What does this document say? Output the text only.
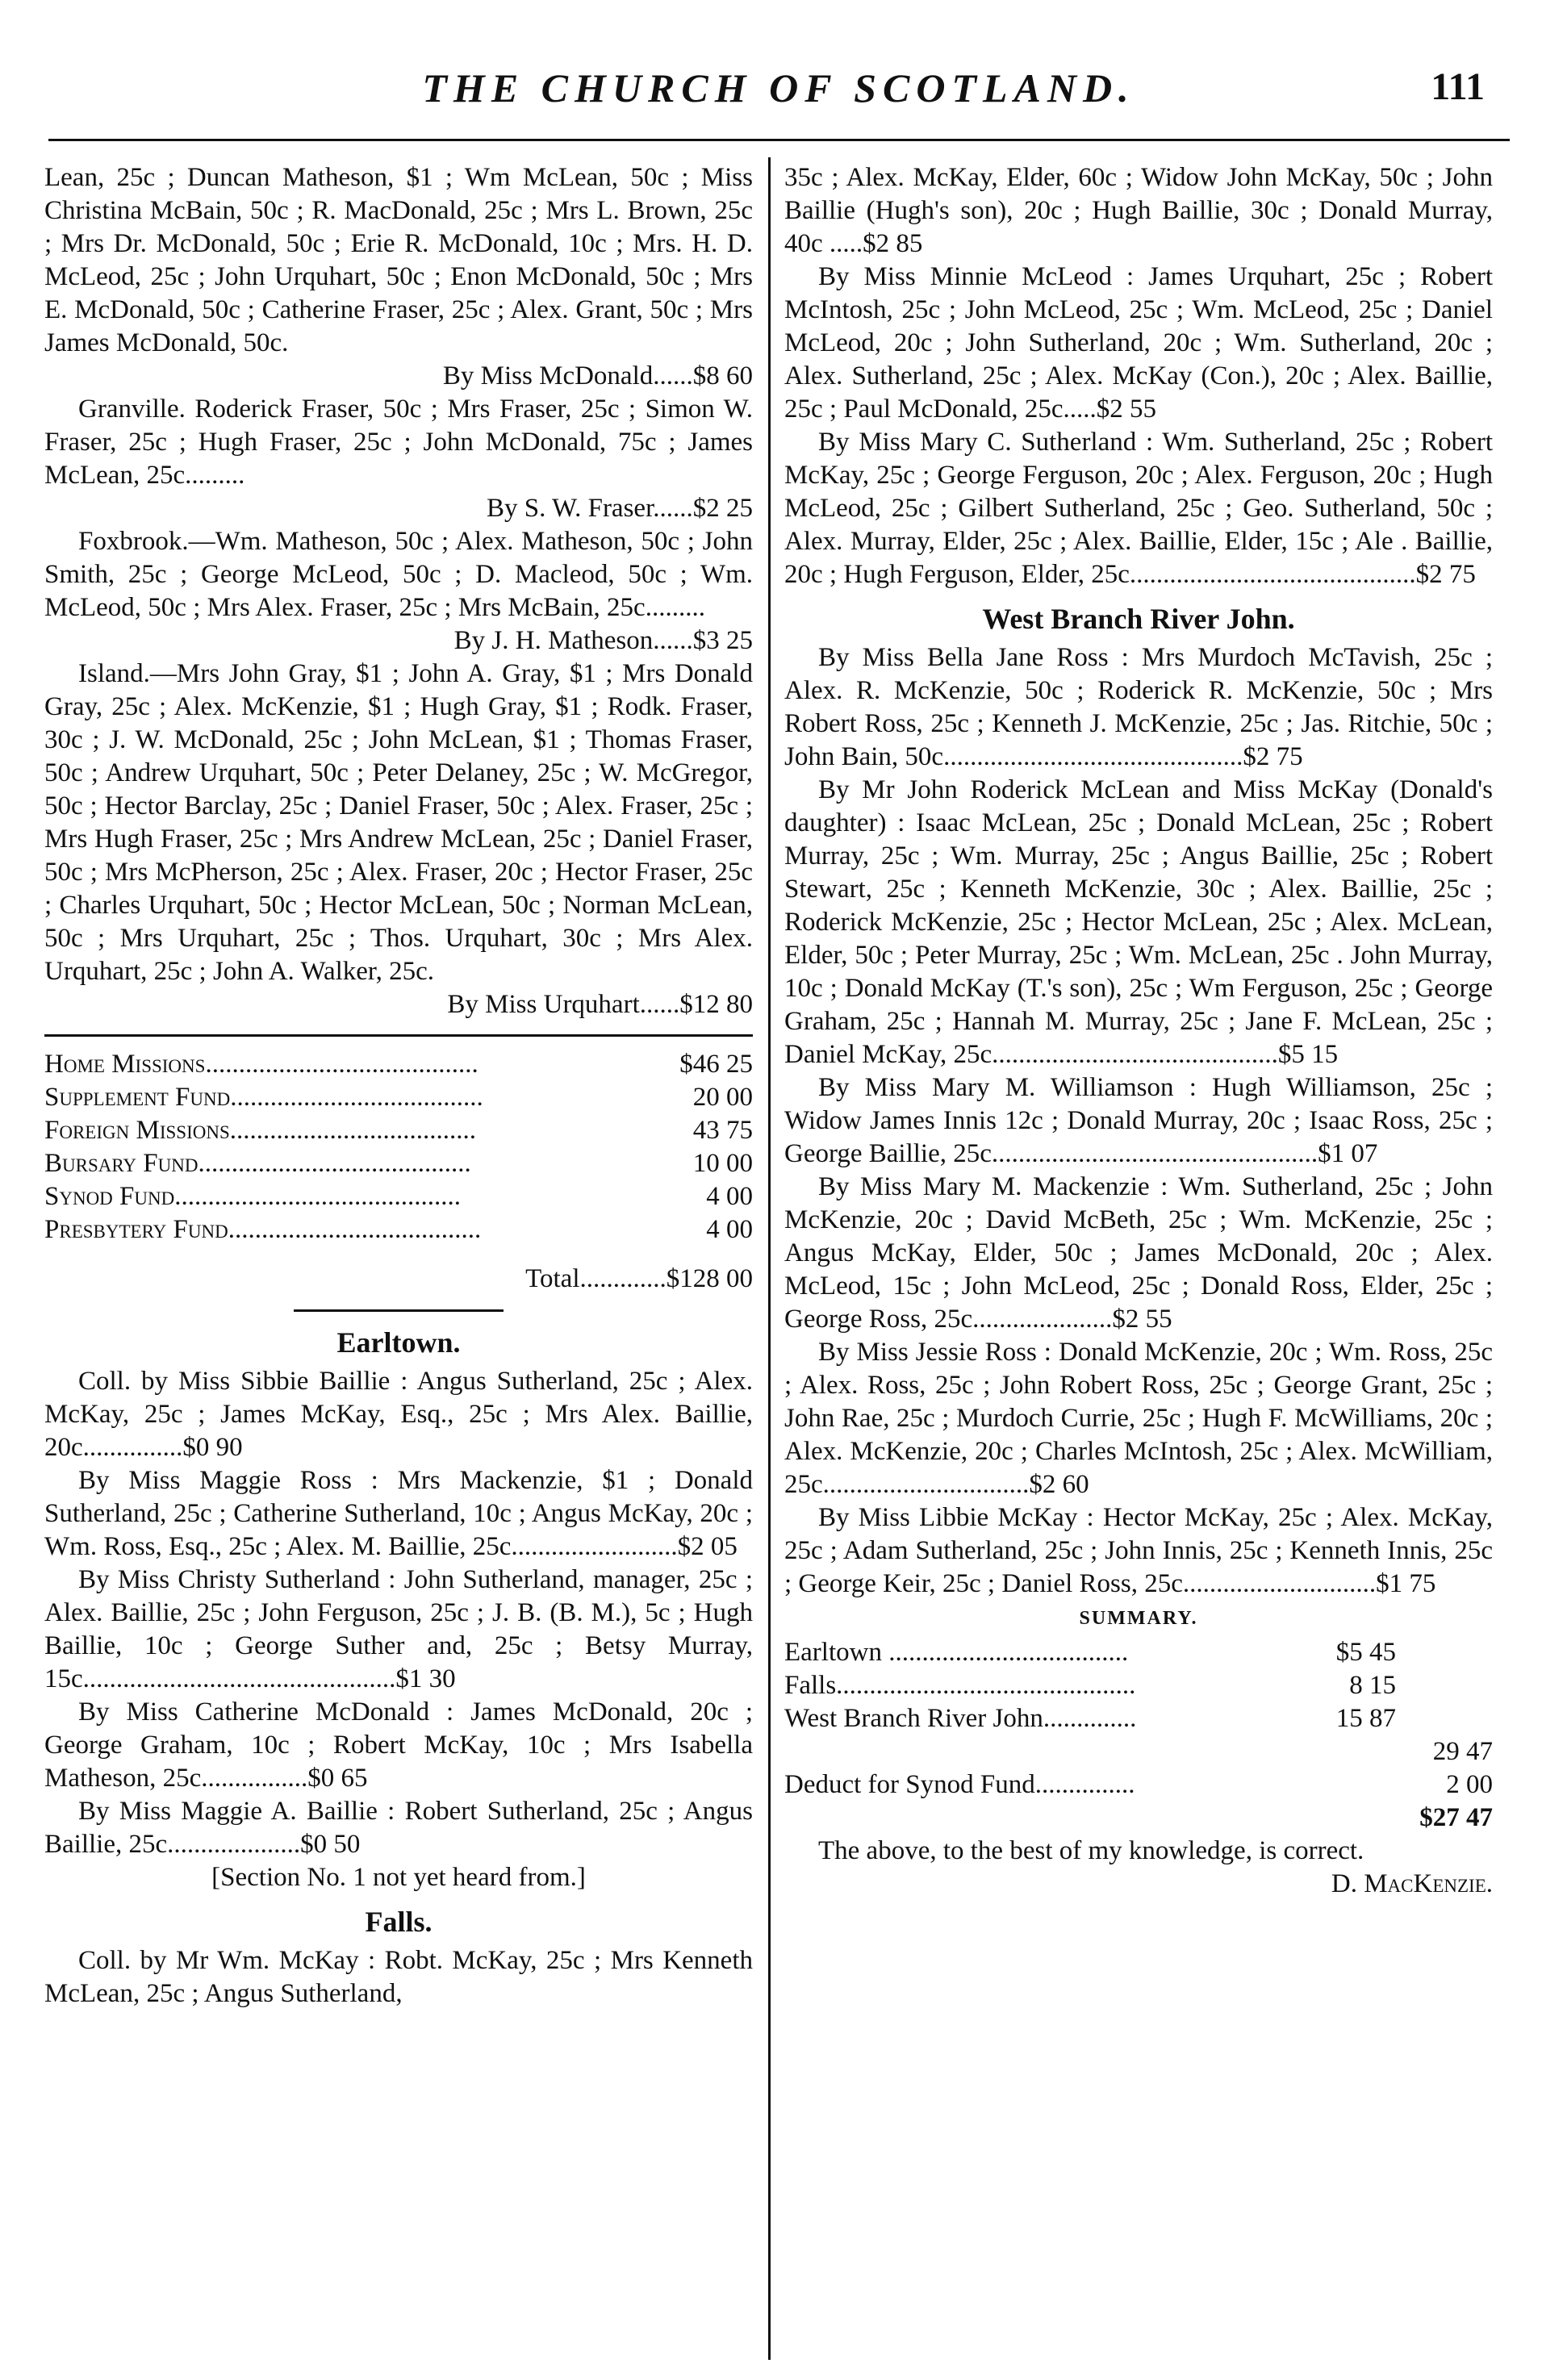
THE CHURCH OF SCOTLAND.	111

Lean, 25c ; Duncan Matheson, $1 ; Wm McLean, 50c ; Miss Christina McBain, 50c ; R. MacDonald, 25c ; Mrs L. Brown, 25c ; Mrs Dr. McDonald, 50c ; Erie R. McDonald, 10c ; Mrs. H. D. McLeod, 25c ; John Urquhart, 50c ; Enon McDonald, 50c ; Mrs E. McDonald, 50c ; Catherine Fraser, 25c ; Alex. Grant, 50c ; Mrs James McDonald, 50c.

By Miss McDonald......$8 60

Granville. Roderick Fraser, 50c ; Mrs Fraser, 25c ; Simon W. Fraser, 25c ; Hugh Fraser, 25c ; John McDonald, 75c ; James McLean, 25c.........

By S. W. Fraser......$2 25

Foxbrook.—Wm. Matheson, 50c ; Alex. Matheson, 50c ; John Smith, 25c ; George McLeod, 50c ; D. Macleod, 50c ; Wm. McLeod, 50c ; Mrs Alex. Fraser, 25c ; Mrs McBain, 25c.........

By J. H. Matheson......$3 25

Island.—Mrs John Gray, $1 ; John A. Gray, $1 ; Mrs Donald Gray, 25c ; Alex. McKenzie, $1 ; Hugh Gray, $1 ; Rodk. Fraser, 30c ; J. W. McDonald, 25c ; John McLean, $1 ; Thomas Fraser, 50c ; Andrew Urquhart, 50c ; Peter Delaney, 25c ; W. McGregor, 50c ; Hector Barclay, 25c ; Daniel Fraser, 50c ; Alex. Fraser, 25c ; Mrs Hugh Fraser, 25c ; Mrs Andrew McLean, 25c ; Daniel Fraser, 50c ; Mrs McPherson, 25c ; Alex. Fraser, 20c ; Hector Fraser, 25c ; Charles Urquhart, 50c ; Hector McLean, 50c ; Norman McLean, 50c ; Mrs Urquhart, 25c ; Thos. Urquhart, 30c ; Mrs Alex. Urquhart, 25c ; John A. Walker, 25c.

By Miss Urquhart......$12 80

Home Missions.........................................	$46 25
Supplement Fund......................................	20 00
Foreign Missions.....................................	43 75
Bursary Fund.........................................	10 00
Synod Fund...........................................	4 00
Presbytery Fund......................................	4 00
Total.............$128 00
Earltown.

Coll. by Miss Sibbie Baillie : Angus Sutherland, 25c ; Alex. McKay, 25c ; James McKay, Esq., 25c ; Mrs Alex. Baillie, 20c...............$0 90

By Miss Maggie Ross : Mrs Mackenzie, $1 ; Donald Sutherland, 25c ; Catherine Sutherland, 10c ; Angus McKay, 20c ; Wm. Ross, Esq., 25c ; Alex. M. Baillie, 25c.........................$2 05

By Miss Christy Sutherland : John Sutherland, manager, 25c ; Alex. Baillie, 25c ; John Ferguson, 25c ; J. B. (B. M.), 5c ; Hugh Baillie, 10c ; George Suther and, 25c ; Betsy Murray, 15c...............................................$1 30

By Miss Catherine McDonald : James McDonald, 20c ; George Graham, 10c ; Robert McKay, 10c ; Mrs Isabella Matheson, 25c................$0 65

By Miss Maggie A. Baillie : Robert Sutherland, 25c ; Angus Baillie, 25c....................$0 50

[Section No. 1 not yet heard from.]

Falls.

Coll. by Mr Wm. McKay : Robt. McKay, 25c ; Mrs Kenneth McLean, 25c ; Angus Sutherland,

35c ; Alex. McKay, Elder, 60c ; Widow John McKay, 50c ; John Baillie (Hugh's son), 20c ; Hugh Baillie, 30c ; Donald Murray, 40c .....$2 85

By Miss Minnie McLeod : James Urquhart, 25c ; Robert McIntosh, 25c ; John McLeod, 25c ; Wm. McLeod, 25c ; Daniel McLeod, 20c ; John Sutherland, 20c ; Wm. Sutherland, 20c ; Alex. Sutherland, 25c ; Alex. McKay (Con.), 20c ; Alex. Baillie, 25c ; Paul McDonald, 25c.....$2 55

By Miss Mary C. Sutherland : Wm. Sutherland, 25c ; Robert McKay, 25c ; George Ferguson, 20c ; Alex. Ferguson, 20c ; Hugh McLeod, 25c ; Gilbert Sutherland, 25c ; Geo. Sutherland, 50c ; Alex. Murray, Elder, 25c ; Alex. Baillie, Elder, 15c ; Ale . Baillie, 20c ; Hugh Ferguson, Elder, 25c...........................................$2 75

West Branch River John.

By Miss Bella Jane Ross : Mrs Murdoch McTavish, 25c ; Alex. R. McKenzie, 50c ; Roderick R. McKenzie, 50c ; Mrs Robert Ross, 25c ; Kenneth J. McKenzie, 25c ; Jas. Ritchie, 50c ; John Bain, 50c.............................................$2 75

By Mr John Roderick McLean and Miss McKay (Donald's daughter) : Isaac McLean, 25c ; Donald McLean, 25c ; Robert Murray, 25c ; Wm. Murray, 25c ; Angus Baillie, 25c ; Robert Stewart, 25c ; Kenneth McKenzie, 30c ; Alex. Baillie, 25c ; Roderick McKenzie, 25c ; Hector McLean, 25c ; Alex. McLean, Elder, 50c ; Peter Murray, 25c ; Wm. McLean, 25c . John Murray, 10c ; Donald McKay (T.'s son), 25c ; Wm Ferguson, 25c ; George Graham, 25c ; Hannah M. Murray, 25c ; Jane F. McLean, 25c ; Daniel McKay, 25c...........................................$5 15

By Miss Mary M. Williamson : Hugh Williamson, 25c ; Widow James Innis 12c ; Donald Murray, 20c ; Isaac Ross, 25c ; George Baillie, 25c.................................................$1 07

By Miss Mary M. Mackenzie : Wm. Sutherland, 25c ; John McKenzie, 20c ; David McBeth, 25c ; Wm. McKenzie, 25c ; Angus McKay, Elder, 50c ; James McDonald, 20c ; Alex. McLeod, 15c ; John McLeod, 25c ; Donald Ross, Elder, 25c ; George Ross, 25c.....................$2 55

By Miss Jessie Ross : Donald McKenzie, 20c ; Wm. Ross, 25c ; Alex. Ross, 25c ; John Robert Ross, 25c ; George Grant, 25c ; John Rae, 25c ; Murdoch Currie, 25c ; Hugh F. McWilliams, 20c ; Alex. McKenzie, 20c ; Charles McIntosh, 25c ; Alex. McWilliam, 25c...............................$2 60

By Miss Libbie McKay : Hector McKay, 25c ; Alex. McKay, 25c ; Adam Sutherland, 25c ; John Innis, 25c ; Kenneth Innis, 25c ; George Keir, 25c ; Daniel Ross, 25c.............................$1 75

SUMMARY.
Earltown ....................................	$5 45
Falls.............................................	8 15
West Branch River John..............	15 87
29 47
Deduct for Synod Fund...............	2 00
$27 47

The above, to the best of my knowledge, is correct.

D. MacKenzie.
